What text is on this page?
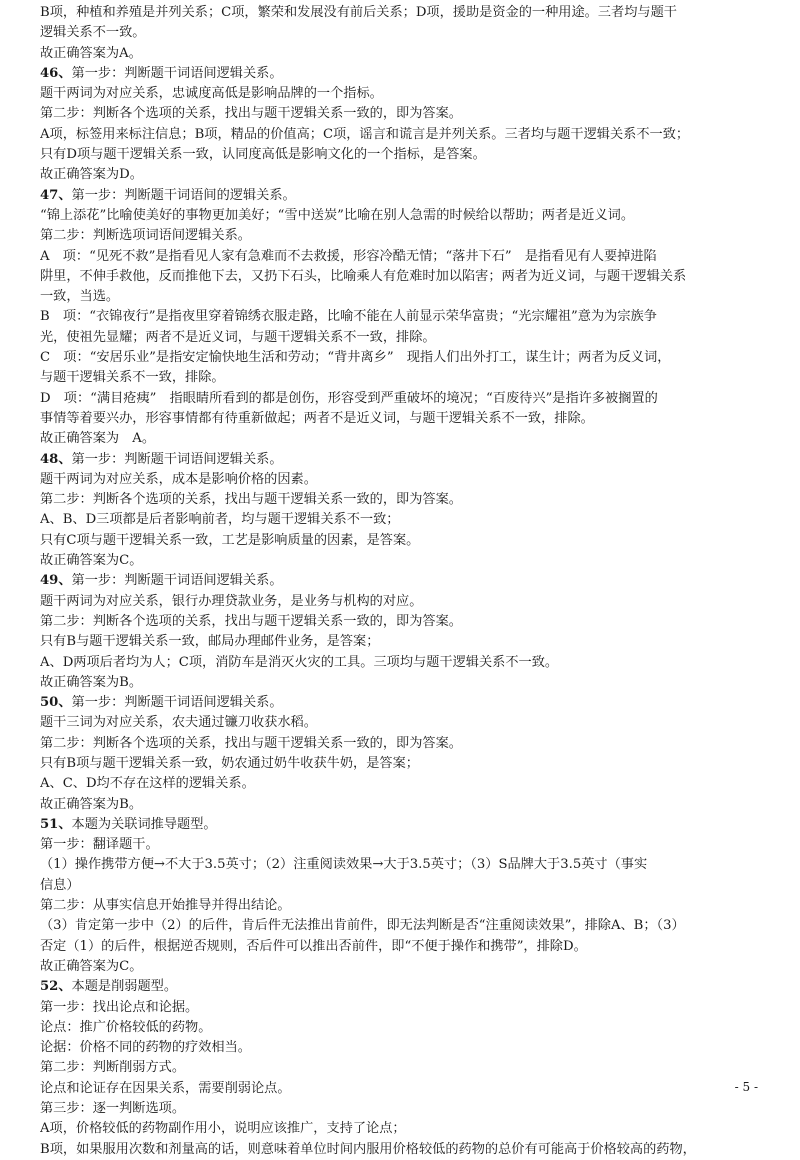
B项，种植和养殖是并列关系；C项，繁荣和发展没有前后关系；D项，援助是资金的一种用途。三者均与题干
逻辑关系不一致。
故正确答案为A。
46、第一步：判断题干词语间逻辑关系。
题干两词为对应关系，忠诚度高低是影响品牌的一个指标。
第二步：判断各个选项的关系，找出与题干逻辑关系一致的，即为答案。
A项，标签用来标注信息；B项，精品的价值高；C项，谣言和谎言是并列关系。三者均与题干逻辑关系不一致；
只有D项与题干逻辑关系一致，认同度高低是影响文化的一个指标，是答案。
故正确答案为D。
47、第一步：判断题干词语间的逻辑关系。
“锦上添花”比喻使美好的事物更加美好；“雪中送炭”比喻在别人急需的时候给以帮助；两者是近义词。
第二步：判断选项词语间逻辑关系。
A　项：“见死不救”是指看见人家有急难而不去救援，形容冷酷无情；“落井下石”　是指看见有人要掉进陷
阱里，不伸手救他，反而推他下去，又扔下石头，比喻乘人有危难时加以陷害；两者为近义词，与题干逻辑关系
一致，当选。
B　项：“衣锦夜行”是指夜里穿着锦绣衣服走路，比喻不能在人前显示荣华富贵；“光宗耀祖”意为为宗族争
光，使祖先显耀；两者不是近义词，与题干逻辑关系不一致，排除。
C　项：“安居乐业”是指安定愉快地生活和劳动；“背井离乡”　现指人们出外打工，谋生计；两者为反义词，
与题干逻辑关系不一致，排除。
D　项：“满目疮痍”　指眼睛所看到的都是创伤，形容受到严重破坏的境况；“百废待兴”是指许多被搁置的
事情等着要兴办，形容事情都有待重新做起；两者不是近义词，与题干逻辑关系不一致，排除。
故正确答案为　A。
48、第一步：判断题干词语间逻辑关系。
题干两词为对应关系，成本是影响价格的因素。
第二步：判断各个选项的关系，找出与题干逻辑关系一致的，即为答案。
A、B、D三项都是后者影响前者，均与题干逻辑关系不一致；
只有C项与题干逻辑关系一致，工艺是影响质量的因素，是答案。
故正确答案为C。
49、第一步：判断题干词语间逻辑关系。
题干两词为对应关系，银行办理贷款业务，是业务与机构的对应。
第二步：判断各个选项的关系，找出与题干逻辑关系一致的，即为答案。
只有B与题干逻辑关系一致，邮局办理邮件业务，是答案；
A、D两项后者均为人；C项，消防车是消灭火灾的工具。三项均与题干逻辑关系不一致。
故正确答案为B。
50、第一步：判断题干词语间逻辑关系。
题干三词为对应关系，农夫通过镰刀收获水稻。
第二步：判断各个选项的关系，找出与题干逻辑关系一致的，即为答案。
只有B项与题干逻辑关系一致，奶农通过奶牛收获牛奶，是答案；
A、C、D均不存在这样的逻辑关系。
故正确答案为B。
51、本题为关联词推导题型。
第一步：翻译题干。
（1）操作携带方便→不大于3.5英寸；（2）注重阅读效果→大于3.5英寸；（3）S品牌大于3.5英寸（事实
信息）
第二步：从事实信息开始推导并得出结论。
（3）肯定第一步中（2）的后件，肯后件无法推出肯前件，即无法判断是否“注重阅读效果”，排除A、B；（3）
否定（1）的后件，根据逆否规则，否后件可以推出否前件，即“不便于操作和携带”，排除D。
故正确答案为C。
52、本题是削弱题型。
第一步：找出论点和论据。
论点：推广价格较低的药物。
论据：价格不同的药物的疗效相当。
第二步：判断削弱方式。
论点和论证存在因果关系，需要削弱论点。
第三步：逐一判断选项。
A项，价格较低的药物副作用小，说明应该推广，支持了论点；
B项，如果服用次数和剂量高的话，则意味着单位时间内服用价格较低的药物的总价有可能高于价格较高的药物，
- 5 -
